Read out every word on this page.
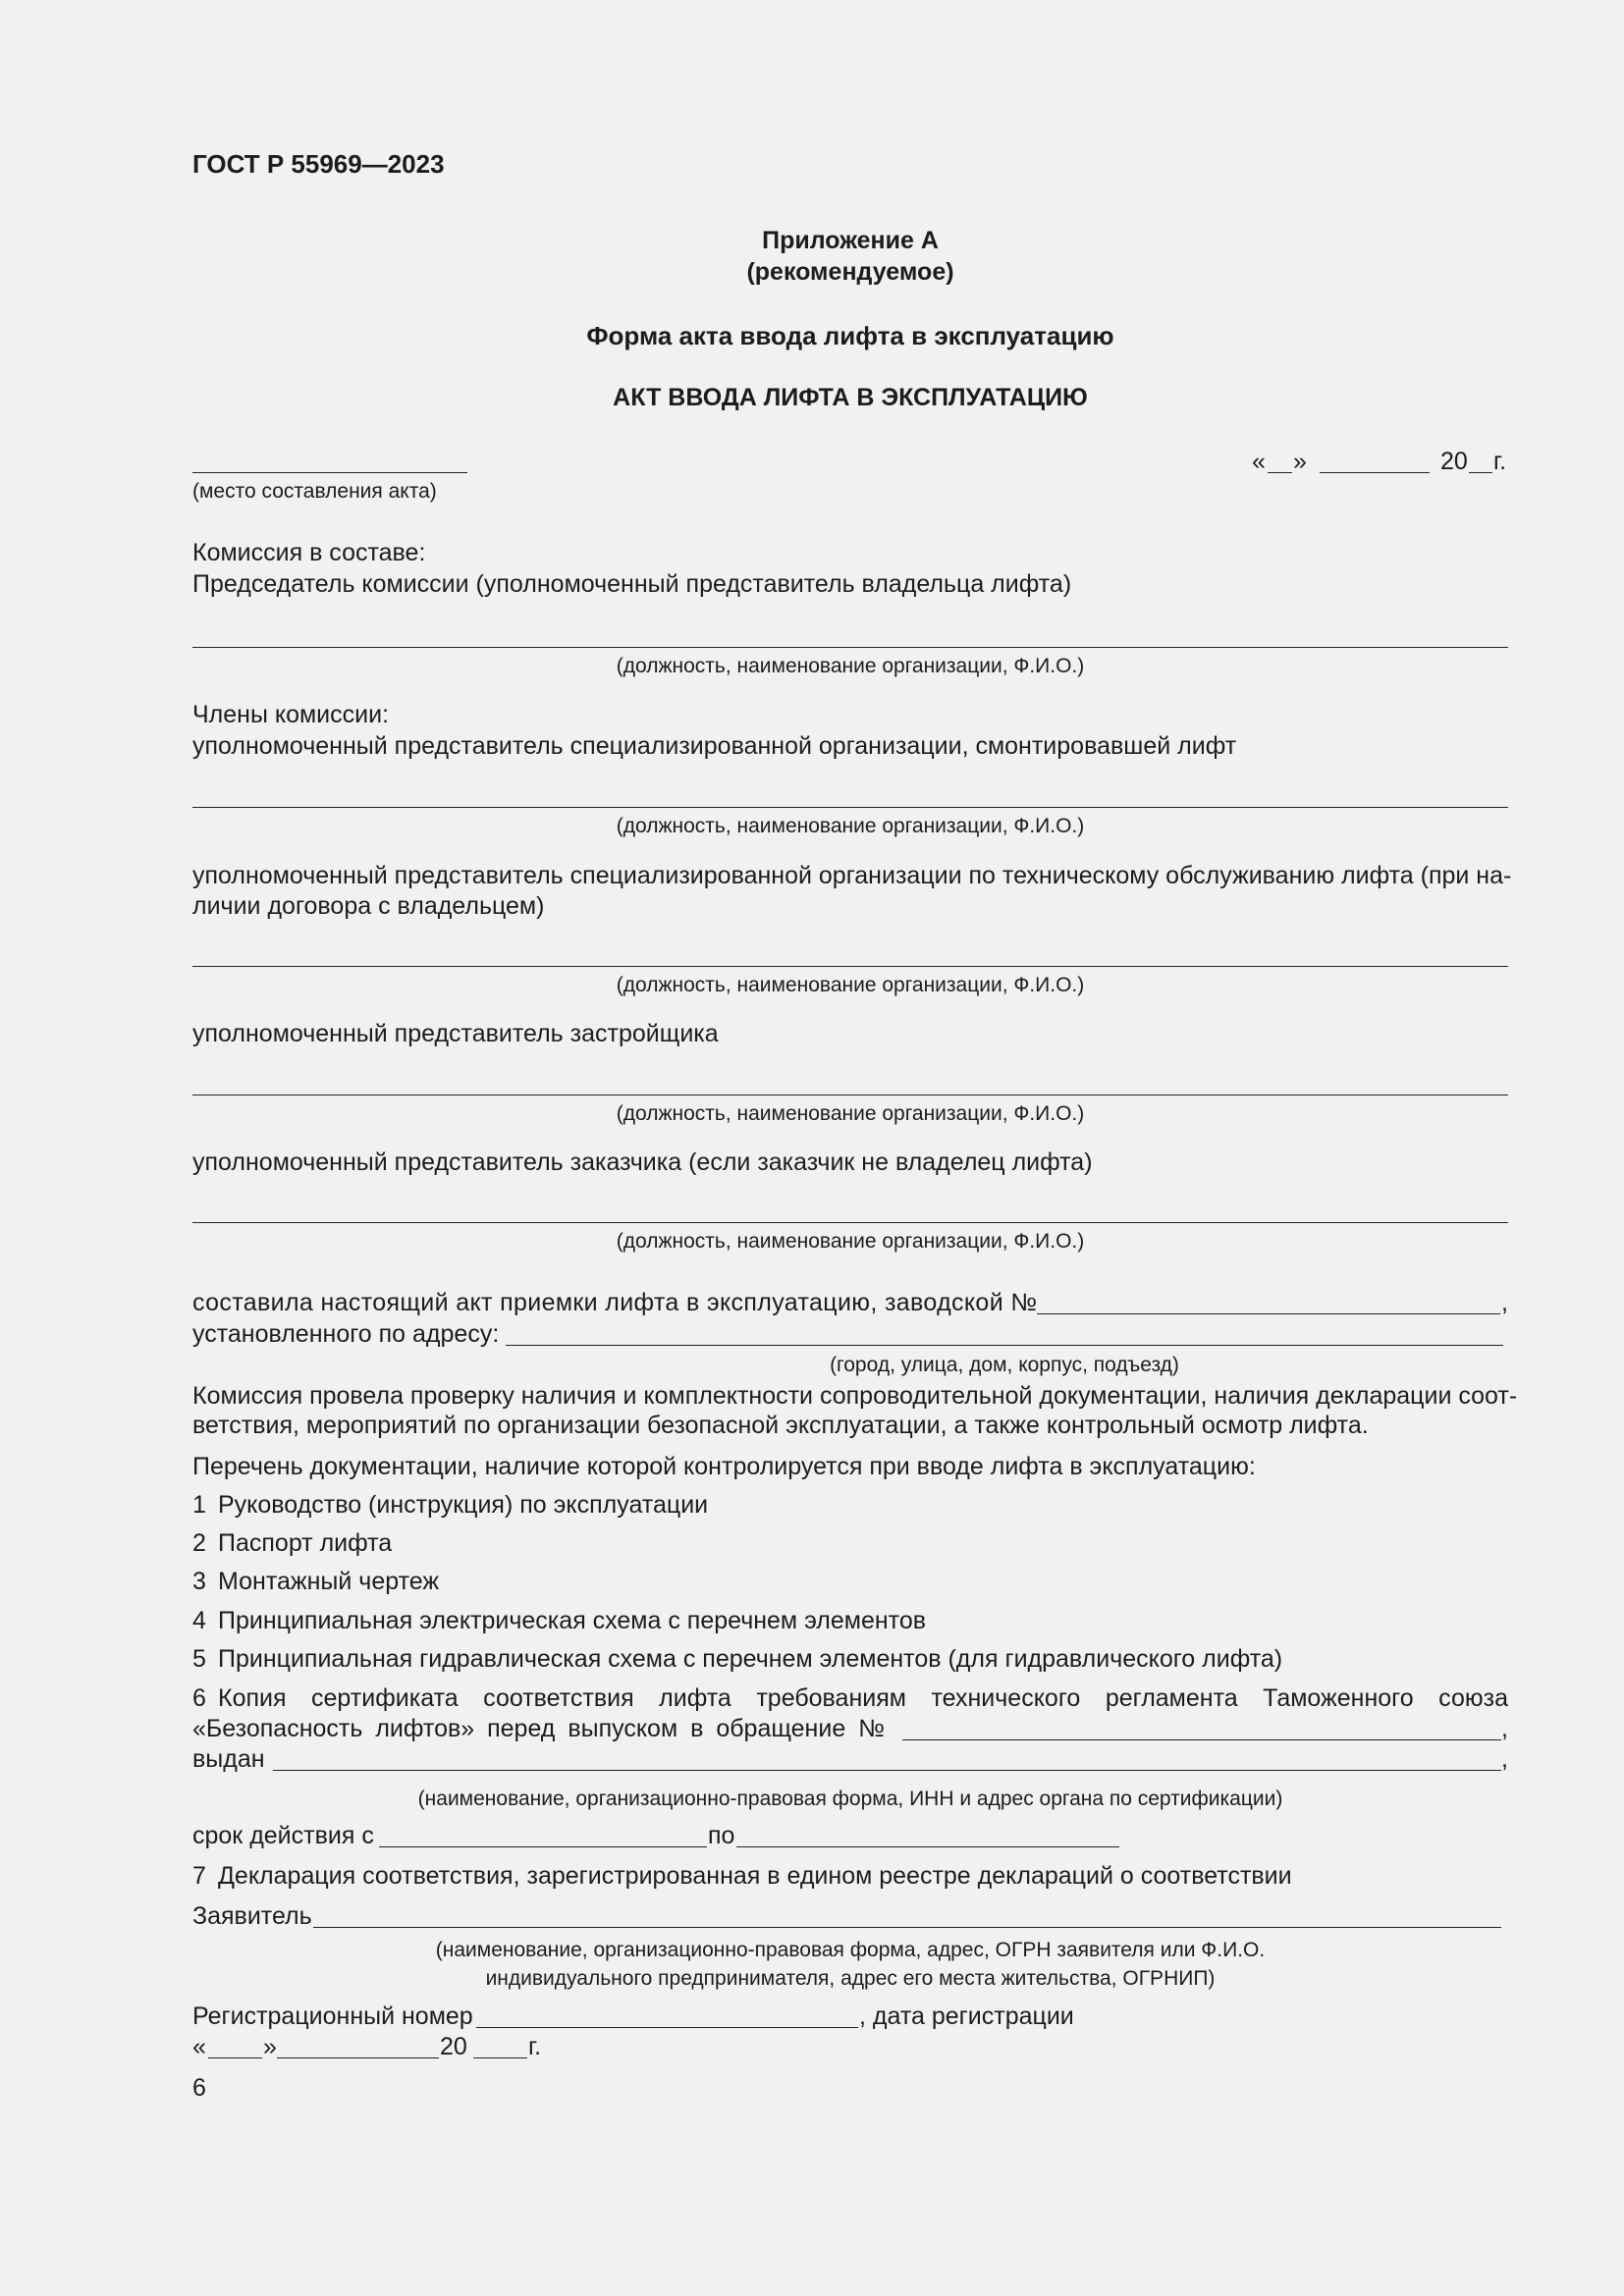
ГОСТ Р 55969—2023
Приложение А
(рекомендуемое)
Форма акта ввода лифта в эксплуатацию
АКТ ВВОДА ЛИФТА В ЭКСПЛУАТАЦИЮ
(место составления акта)
« »	20 г.
Комиссия в составе:
Председатель комиссии (уполномоченный представитель владельца лифта)
(должность, наименование организации, Ф.И.О.)
Члены комиссии:
уполномоченный представитель специализированной организации, смонтировавшей лифт
(должность, наименование организации, Ф.И.О.)
уполномоченный представитель специализированной организации по техническому обслуживанию лифта (при на-
личии договора с владельцем)
(должность, наименование организации, Ф.И.О.)
уполномоченный представитель застройщика
(должность, наименование организации, Ф.И.О.)
уполномоченный представитель заказчика (если заказчик не владелец лифта)
(должность, наименование организации, Ф.И.О.)
составила настоящий акт приемки лифта в эксплуатацию, заводской №	,
установленного по адресу:
(город, улица, дом, корпус, подъезд)
Комиссия провела проверку наличия и комплектности сопроводительной документации, наличия декларации соот-
ветствия, мероприятий по организации безопасной эксплуатации, а также контрольный осмотр лифта.
Перечень документации, наличие которой контролируется при вводе лифта в эксплуатацию:
1 Руководство (инструкция) по эксплуатации
2 Паспорт лифта
3 Монтажный чертеж
4 Принципиальная электрическая схема с перечнем элементов
5 Принципиальная гидравлическая схема с перечнем элементов (для гидравлического лифта)
6 Копия сертификата соответствия лифта требованиям технического регламента Таможенного союза
«Безопасность лифтов» перед выпуском в обращение №	,
выдан	,
(наименование, организационно-правовая форма, ИНН и адрес органа по сертификации)
срок действия с	по
7 Декларация соответствия, зарегистрированная в едином реестре деклараций о соответствии
Заявитель
(наименование, организационно-правовая форма, адрес, ОГРН заявителя или Ф.И.О.
индивидуального предпринимателя, адрес его места жительства, ОГРНИП)
Регистрационный номер	, дата регистрации
« »	20 г.
6
